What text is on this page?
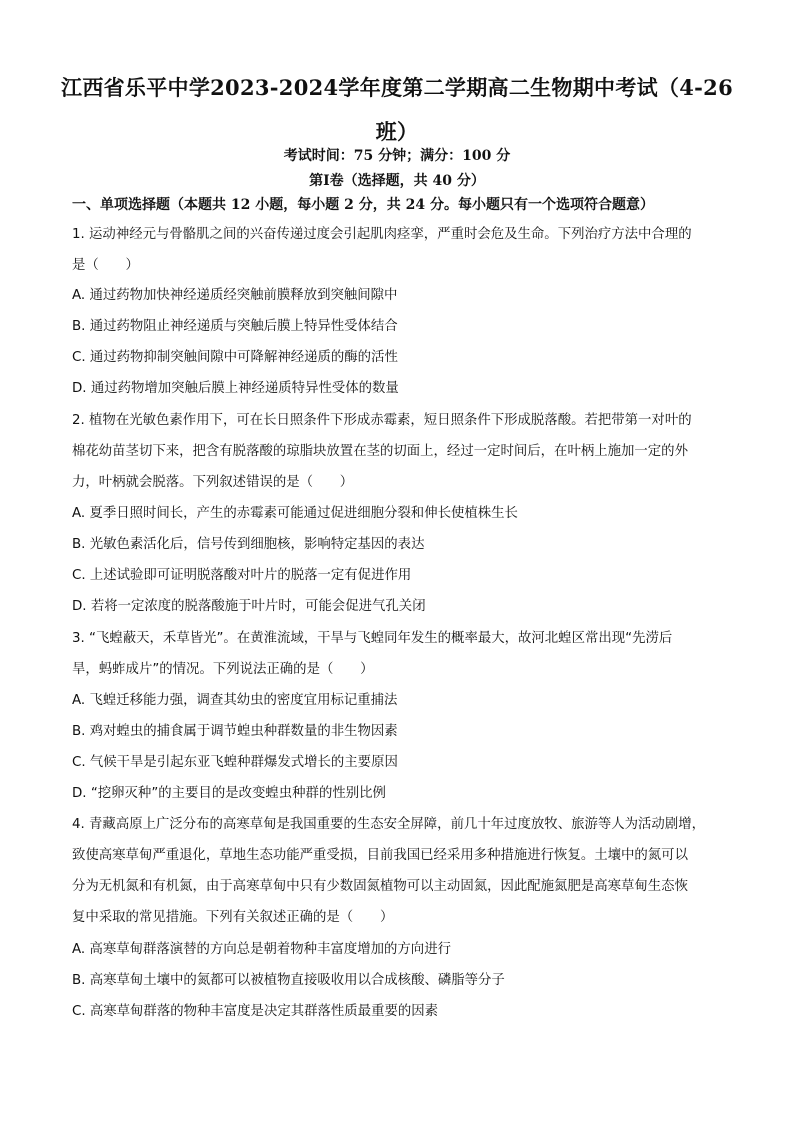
江西省乐平中学2023-2024学年度第二学期高二生物期中考试（4-26
班）
考试时间：75 分钟；满分：100 分
第Ⅰ卷（选择题，共 40 分）
一、单项选择题（本题共 12 小题，每小题 2 分，共 24 分。每小题只有一个选项符合题意）
1. 运动神经元与骨骼肌之间的兴奋传递过度会引起肌肉痉挛，严重时会危及生命。下列治疗方法中合理的
是（　　）
A. 通过药物加快神经递质经突触前膜释放到突触间隙中
B. 通过药物阻止神经递质与突触后膜上特异性受体结合
C. 通过药物抑制突触间隙中可降解神经递质的酶的活性
D. 通过药物增加突触后膜上神经递质特异性受体的数量
2. 植物在光敏色素作用下，可在长日照条件下形成赤霉素，短日照条件下形成脱落酸。若把带第一对叶的
棉花幼苗茎切下来，把含有脱落酸的琼脂块放置在茎的切面上，经过一定时间后，在叶柄上施加一定的外
力，叶柄就会脱落。下列叙述错误的是（　　）
A. 夏季日照时间长，产生的赤霉素可能通过促进细胞分裂和伸长使植株生长
B. 光敏色素活化后，信号传到细胞核，影响特定基因的表达
C. 上述试验即可证明脱落酸对叶片的脱落一定有促进作用
D. 若将一定浓度的脱落酸施于叶片时，可能会促进气孔关闭
3. “飞蝗蔽天，禾草皆光”。在黄淮流域，干旱与飞蝗同年发生的概率最大，故河北蝗区常出现“先涝后
旱，蚂蚱成片”的情况。下列说法正确的是（　　）
A. 飞蝗迁移能力强，调查其幼虫的密度宜用标记重捕法
B. 鸡对蝗虫的捕食属于调节蝗虫种群数量的非生物因素
C. 气候干旱是引起东亚飞蝗种群爆发式增长的主要原因
D. “挖卵灭种”的主要目的是改变蝗虫种群的性别比例
4. 青藏高原上广泛分布的高寒草甸是我国重要的生态安全屏障，前几十年过度放牧、旅游等人为活动剧增，
致使高寒草甸严重退化，草地生态功能严重受损，目前我国已经采用多种措施进行恢复。土壤中的氮可以
分为无机氮和有机氮，由于高寒草甸中只有少数固氮植物可以主动固氮，因此配施氮肥是高寒草甸生态恢
复中采取的常见措施。下列有关叙述正确的是（　　）
A. 高寒草甸群落演替的方向总是朝着物种丰富度增加的方向进行
B. 高寒草甸土壤中的氮都可以被植物直接吸收用以合成核酸、磷脂等分子
C. 高寒草甸群落的物种丰富度是决定其群落性质最重要的因素
